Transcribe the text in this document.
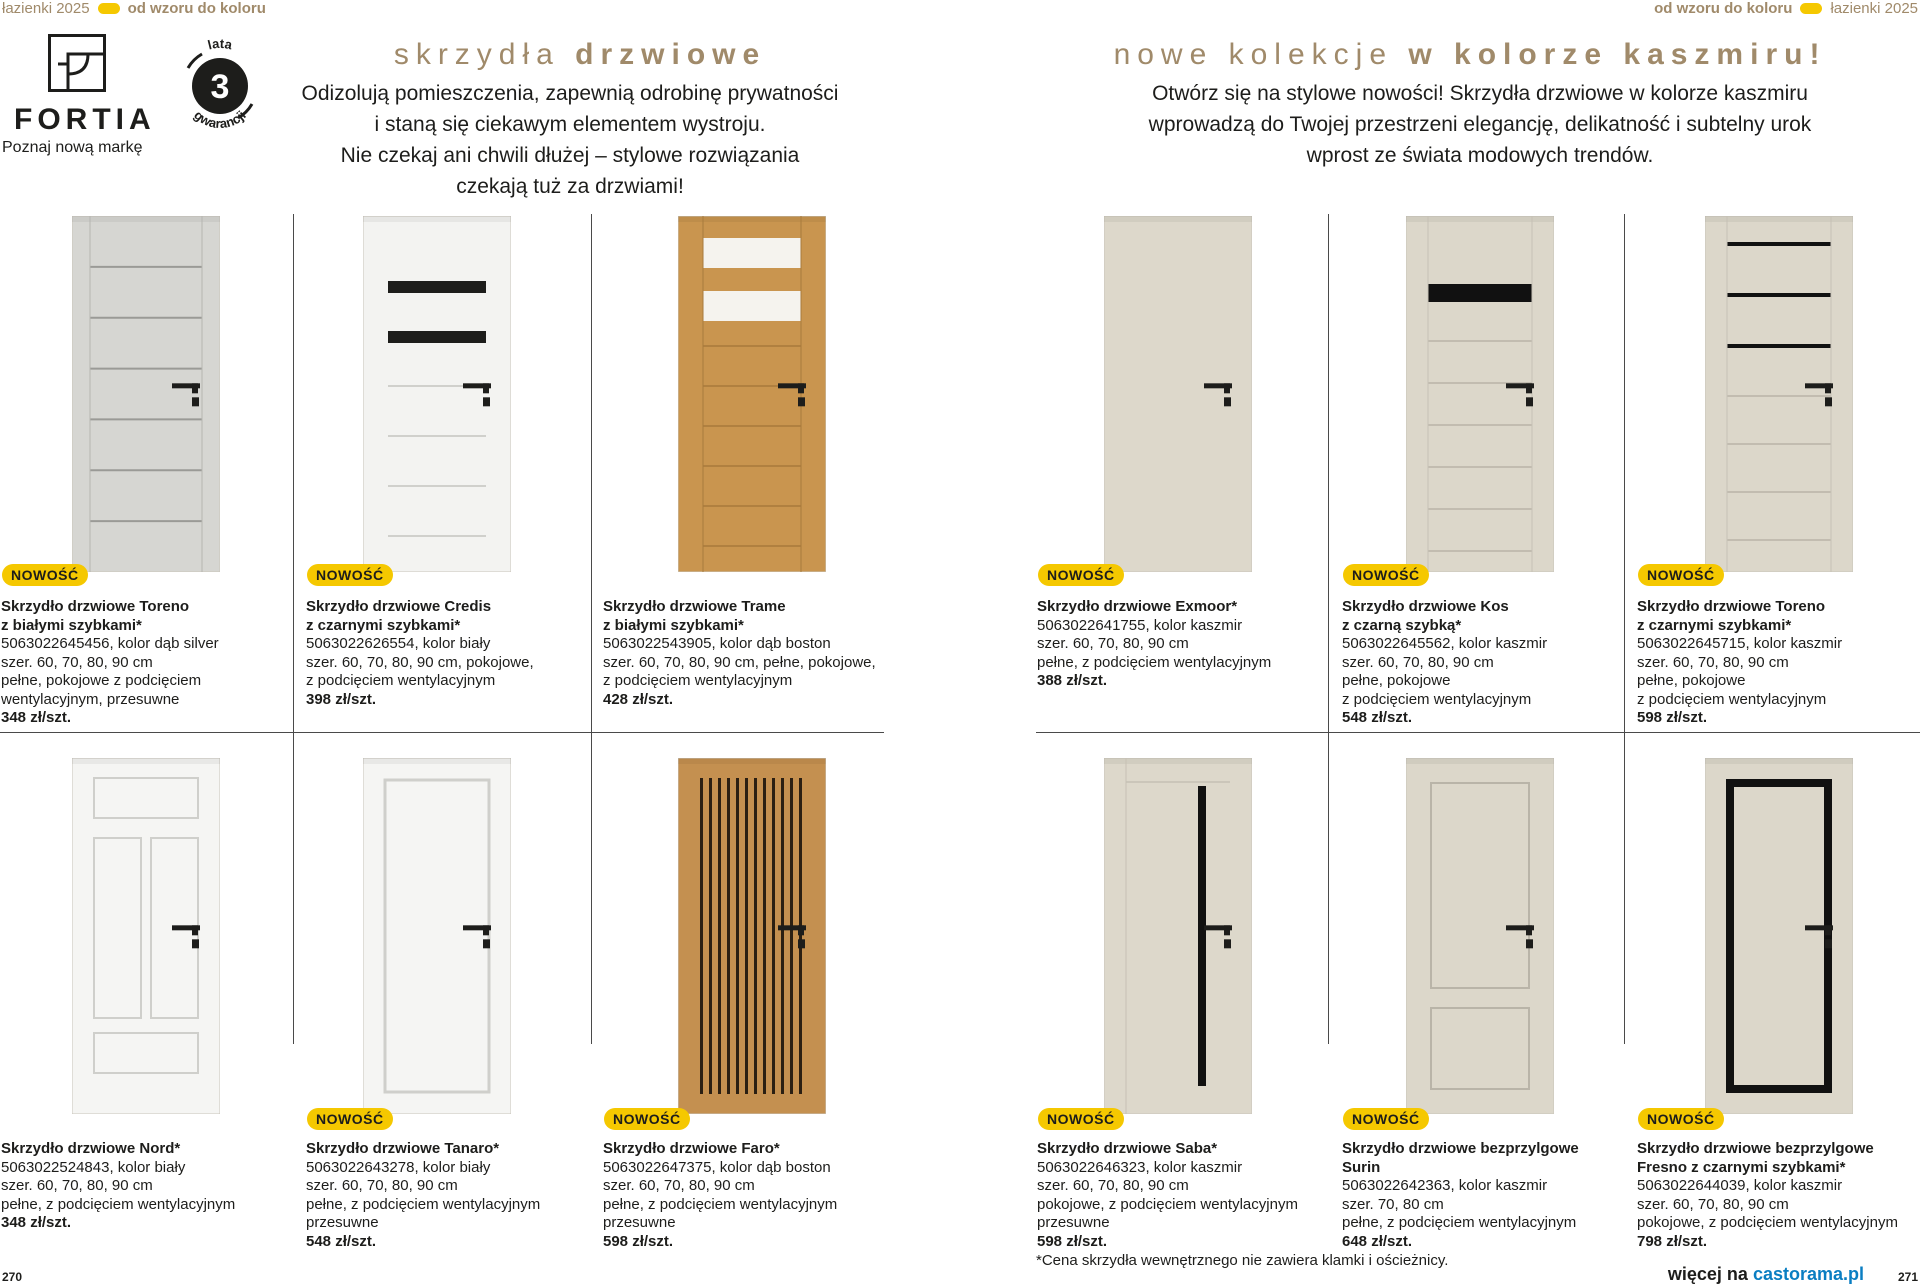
łazienki 2025	od wzoru do koloru	od wzoru do koloru	łazienki 2025
FORTIA
Poznaj nową markę
3
lata
gwarancji
skrzydła drzwiowe	nowe kolekcje w kolorze kaszmiru!
Odizolują pomieszczenia, zapewnią odrobinę prywatności
i staną się ciekawym elementem wystroju.
Nie czekaj ani chwili dłużej – stylowe rozwiązania
czekają tuż za drzwiami!
Otwórz się na stylowe nowości! Skrzydła drzwiowe w kolorze kaszmiru
wprowadzą do Twojej przestrzeni elegancję, delikatność i subtelny urok
wprost ze świata modowych trendów.
NOWOŚĆ
Skrzydło drzwiowe Toreno
z białymi szybkami*
5063022645456, kolor dąb silver
szer. 60, 70, 80, 90 cm
pełne, pokojowe z podcięciem
wentylacyjnym, przesuwne
348 zł/szt.
NOWOŚĆ
Skrzydło drzwiowe Credis
z czarnymi szybkami*
5063022626554, kolor biały
szer. 60, 70, 80, 90 cm, pokojowe,
z podcięciem wentylacyjnym
398 zł/szt.
Skrzydło drzwiowe Trame
z białymi szybkami*
5063022543905, kolor dąb boston
szer. 60, 70, 80, 90 cm, pełne, pokojowe,
z podcięciem wentylacyjnym
428 zł/szt.
NOWOŚĆ
Skrzydło drzwiowe Exmoor*
5063022641755, kolor kaszmir
szer. 60, 70, 80, 90 cm
pełne, z podcięciem wentylacyjnym
388 zł/szt.
NOWOŚĆ
Skrzydło drzwiowe Kos
z czarną szybką*
5063022645562, kolor kaszmir
szer. 60, 70, 80, 90 cm
pełne, pokojowe
z podcięciem wentylacyjnym
548 zł/szt.
NOWOŚĆ
Skrzydło drzwiowe Toreno
z czarnymi szybkami*
5063022645715, kolor kaszmir
szer. 60, 70, 80, 90 cm
pełne, pokojowe
z podcięciem wentylacyjnym
598 zł/szt.
Skrzydło drzwiowe Nord*
5063022524843, kolor biały
szer. 60, 70, 80, 90 cm
pełne, z podcięciem wentylacyjnym
348 zł/szt.
NOWOŚĆ
Skrzydło drzwiowe Tanaro*
5063022643278, kolor biały
szer. 60, 70, 80, 90 cm
pełne, z podcięciem wentylacyjnym
przesuwne
548 zł/szt.
NOWOŚĆ
Skrzydło drzwiowe Faro*
5063022647375, kolor dąb boston
szer. 60, 70, 80, 90 cm
pełne, z podcięciem wentylacyjnym
przesuwne
598 zł/szt.
NOWOŚĆ
Skrzydło drzwiowe Saba*
5063022646323, kolor kaszmir
szer. 60, 70, 80, 90 cm
pokojowe, z podcięciem wentylacyjnym
przesuwne
598 zł/szt.
NOWOŚĆ
Skrzydło drzwiowe bezprzylgowe
Surin
5063022642363, kolor kaszmir
szer. 70, 80 cm
pełne, z podcięciem wentylacyjnym
648 zł/szt.
NOWOŚĆ
Skrzydło drzwiowe bezprzylgowe
Fresno z czarnymi szybkami*
5063022644039, kolor kaszmir
szer. 60, 70, 80, 90 cm
pokojowe, z podcięciem wentylacyjnym
798 zł/szt.
*Cena skrzydła wewnętrznego nie zawiera klamki i ościeżnicy.
270	271
więcej na castorama.pl
